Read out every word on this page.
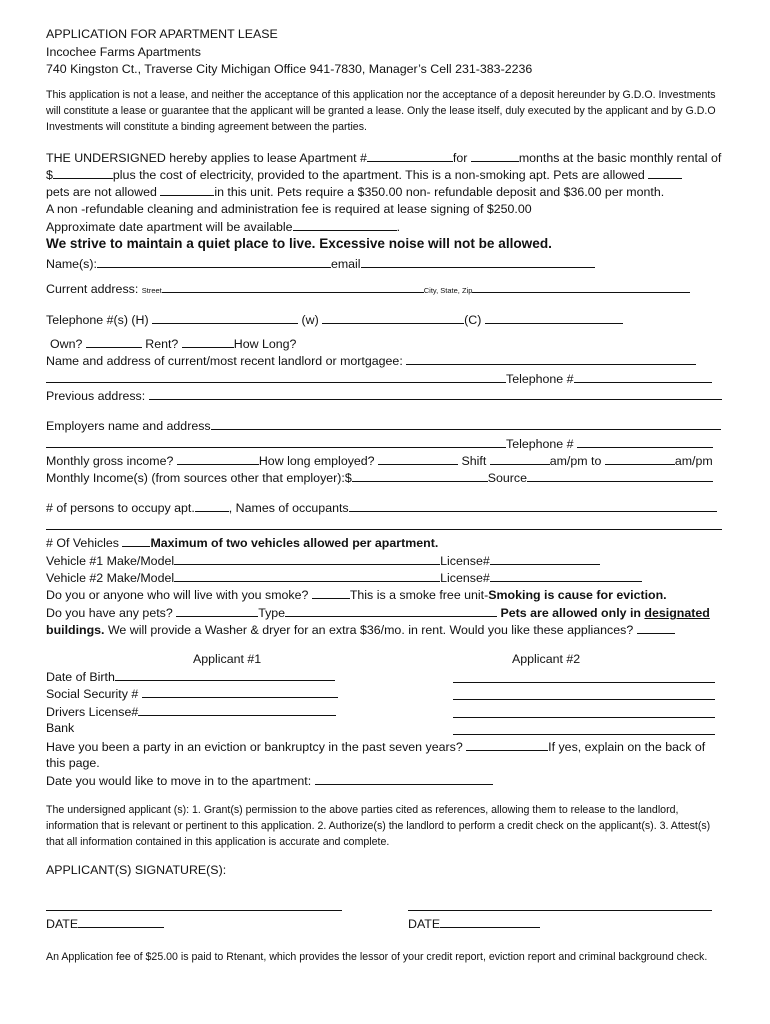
APPLICATION FOR APARTMENT LEASE
Incochee Farms Apartments
740 Kingston Ct., Traverse City Michigan Office 941-7830, Manager’s Cell 231-383-2236
This application is not a lease, and neither the acceptance of this application nor the acceptance of a deposit hereunder by G.D.O. Investments will constitute a lease or guarantee that the applicant will be granted a lease. Only the lease itself, duly executed by the applicant and by G.D.O Investments will constitute a binding agreement between the parties.
THE UNDERSIGNED hereby applies to lease Apartment #	for	months at the basic monthly rental of
$	plus the cost of electricity, provided to the apartment. This is a non-smoking apt. Pets are allowed
pets are not allowed	in this unit. Pets require a $350.00 non- refundable deposit and $36.00 per month.
A non -refundable cleaning and administration fee is required at lease signing of $250.00
Approximate date apartment will be available	.
We strive to maintain a quiet place to live. Excessive noise will not be allowed.
Name(s):	email
Current address: Street	City, State, Zip
Telephone #(s) (H)	(w)	(C)
Own?	Rent?	How Long?
Name and address of current/most recent landlord or mortgagee:
Telephone #
Previous address:
Employers name and address
Telephone #
Monthly gross income?	How long employed?	Shift	am/pm to	am/pm
Monthly Income(s) (from sources other that employer):$	Source
# of persons to occupy apt.	, Names of occupants
# Of Vehicles Maximum of two vehicles allowed per apartment.
Vehicle #1 Make/Model	License#
Vehicle #2 Make/Model	License#
Do you or anyone who will live with you smoke?	This is a smoke free unit-Smoking is cause for eviction.
Do you have any pets?	Type	Pets are allowed only in designated
buildings. We will provide a Washer & dryer for an extra $36/mo. in rent. Would you like these appliances?
Applicant #1	Applicant #2
Date of Birth
Social Security #
Drivers License#
Bank
Have you been a party in an eviction or bankruptcy in the past seven years?	If yes, explain on the back of
this page.
Date you would like to move in to the apartment:
The undersigned applicant (s): 1. Grant(s) permission to the above parties cited as references, allowing them to release to the landlord, information that is relevant or pertinent to this application. 2. Authorize(s) the landlord to perform a credit check on the applicant(s). 3. Attest(s) that all information contained in this application is accurate and complete.
APPLICANT(S) SIGNATURE(S):
DATE	DATE
An Application fee of $25.00 is paid to Rtenant, which provides the lessor of your credit report, eviction report and criminal background check.
